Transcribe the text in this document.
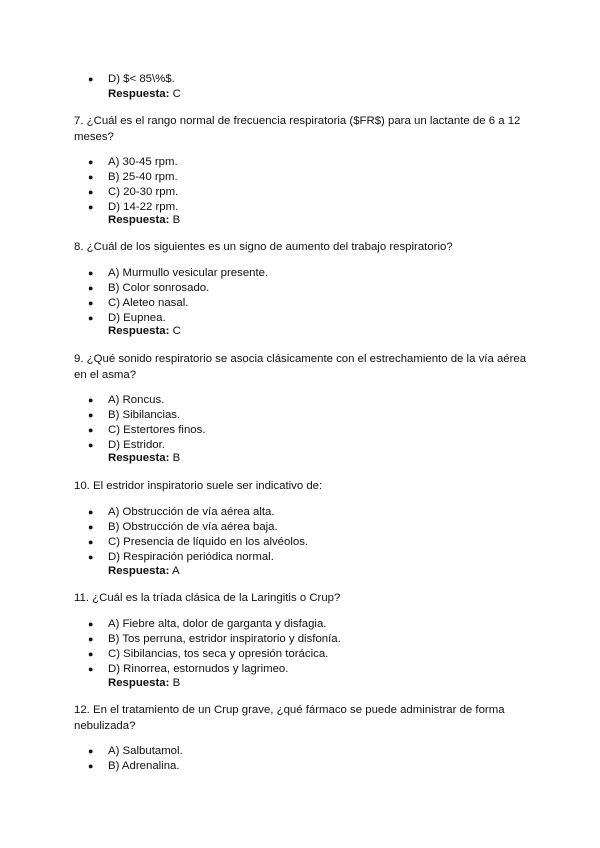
● D) $< 85\%$.
Respuesta: C
7. ¿Cuál es el rango normal de frecuencia respiratoria ($FR$) para un lactante de 6 a 12 meses?
● A) 30-45 rpm.
● B) 25-40 rpm.
● C) 20-30 rpm.
● D) 14-22 rpm.
Respuesta: B
8. ¿Cuál de los siguientes es un signo de aumento del trabajo respiratorio?
● A) Murmullo vesicular presente.
● B) Color sonrosado.
● C) Aleteo nasal.
● D) Eupnea.
Respuesta: C
9. ¿Qué sonido respiratorio se asocia clásicamente con el estrechamiento de la vía aérea en el asma?
● A) Roncus.
● B) Sibilancias.
● C) Estertores finos.
● D) Estridor.
Respuesta: B
10. El estridor inspiratorio suele ser indicativo de:
● A) Obstrucción de vía aérea alta.
● B) Obstrucción de vía aérea baja.
● C) Presencia de líquido en los alvéolos.
● D) Respiración periódica normal.
Respuesta: A
11. ¿Cuál es la tríada clásica de la Laringitis o Crup?
● A) Fiebre alta, dolor de garganta y disfagia.
● B) Tos perruna, estridor inspiratorio y disfonía.
● C) Sibilancias, tos seca y opresión torácica.
● D) Rinorrea, estornudos y lagrimeo.
Respuesta: B
12. En el tratamiento de un Crup grave, ¿qué fármaco se puede administrar de forma nebulizada?
● A) Salbutamol.
● B) Adrenalina.
